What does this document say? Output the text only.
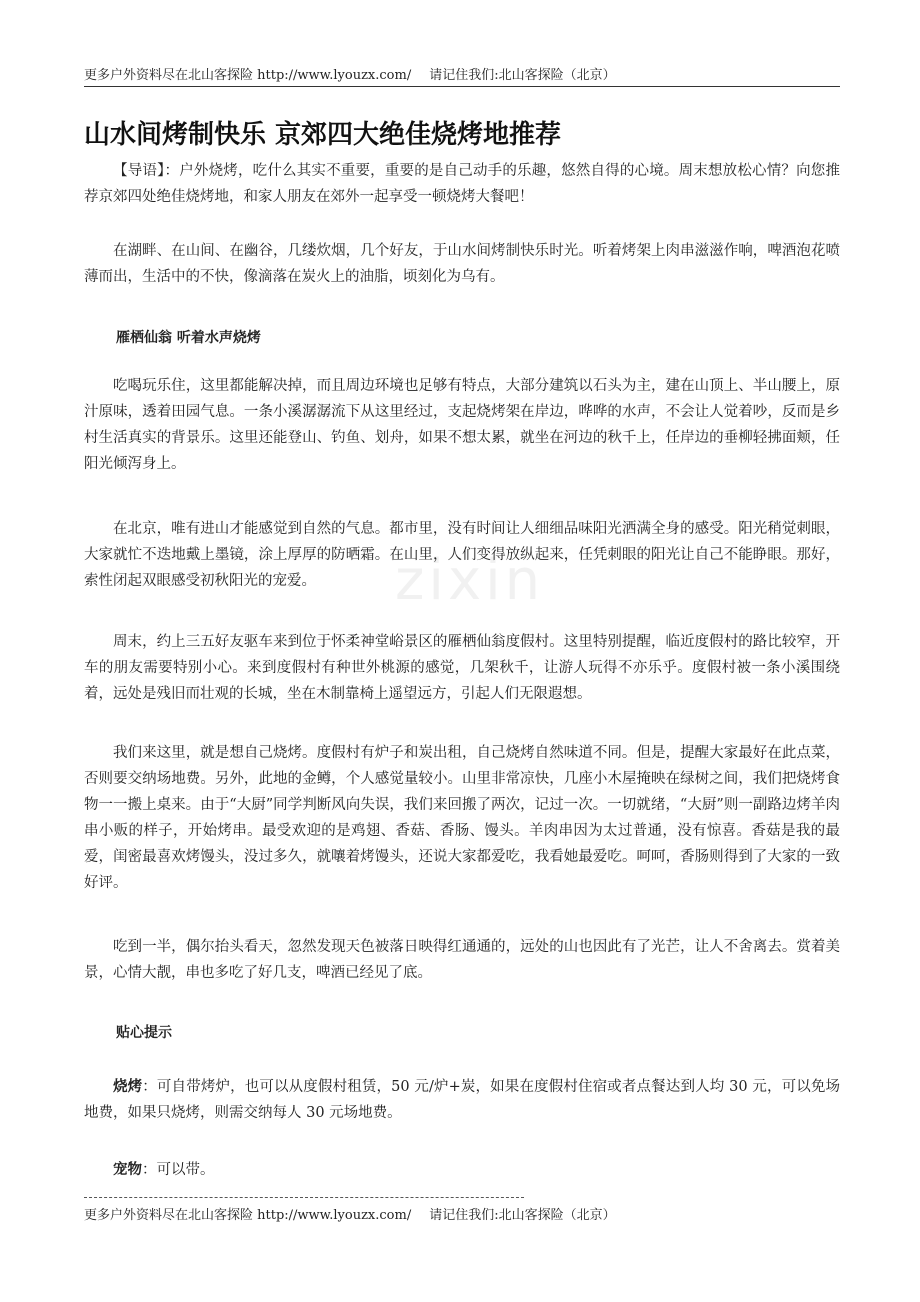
zixin
更多户外资料尽在北山客探险 http://www.lyouzx.com/ 请记住我们:北山客探险（北京）
山水间烤制快乐 京郊四大绝佳烧烤地推荐

【导语】：户外烧烤，吃什么其实不重要，重要的是自己动手的乐趣，悠然自得的心境。周末想放松心情？向您推荐京郊四处绝佳烧烤地，和家人朋友在郊外一起享受一顿烧烤大餐吧！

在湖畔、在山间、在幽谷，几缕炊烟，几个好友，于山水间烤制快乐时光。听着烤架上肉串滋滋作响，啤酒泡花喷薄而出，生活中的不快，像滴落在炭火上的油脂，顷刻化为乌有。

雁栖仙翁 听着水声烧烤

吃喝玩乐住，这里都能解决掉，而且周边环境也足够有特点，大部分建筑以石头为主，建在山顶上、半山腰上，原汁原味，透着田园气息。一条小溪潺潺流下从这里经过，支起烧烤架在岸边，哗哗的水声，不会让人觉着吵，反而是乡村生活真实的背景乐。这里还能登山、钓鱼、划舟，如果不想太累，就坐在河边的秋千上，任岸边的垂柳轻拂面颊，任阳光倾泻身上。

在北京，唯有进山才能感觉到自然的气息。都市里，没有时间让人细细品味阳光洒满全身的感受。阳光稍觉刺眼，大家就忙不迭地戴上墨镜，涂上厚厚的防晒霜。在山里，人们变得放纵起来，任凭刺眼的阳光让自己不能睁眼。那好，索性闭起双眼感受初秋阳光的宠爱。

周末，约上三五好友驱车来到位于怀柔神堂峪景区的雁栖仙翁度假村。这里特别提醒，临近度假村的路比较窄，开车的朋友需要特别小心。来到度假村有种世外桃源的感觉，几架秋千，让游人玩得不亦乐乎。度假村被一条小溪围绕着，远处是残旧而壮观的长城，坐在木制靠椅上遥望远方，引起人们无限遐想。

我们来这里，就是想自己烧烤。度假村有炉子和炭出租，自己烧烤自然味道不同。但是，提醒大家最好在此点菜，否则要交纳场地费。另外，此地的金鳟，个人感觉量较小。山里非常凉快，几座小木屋掩映在绿树之间，我们把烧烤食物一一搬上桌来。由于“大厨”同学判断风向失误，我们来回搬了两次，记过一次。一切就绪，“大厨”则一副路边烤羊肉串小贩的样子，开始烤串。最受欢迎的是鸡翅、香菇、香肠、馒头。羊肉串因为太过普通，没有惊喜。香菇是我的最爱，闺密最喜欢烤馒头，没过多久，就嚷着烤馒头，还说大家都爱吃，我看她最爱吃。呵呵，香肠则得到了大家的一致好评。

吃到一半，偶尔抬头看天，忽然发现天色被落日映得红通通的，远处的山也因此有了光芒，让人不舍离去。赏着美景，心情大靓，串也多吃了好几支，啤酒已经见了底。

贴心提示

烧烤：可自带烤炉，也可以从度假村租赁，50 元/炉+炭，如果在度假村住宿或者点餐达到人均 30 元，可以免场地费，如果只烧烤，则需交纳每人 30 元场地费。

宠物：可以带。

更多户外资料尽在北山客探险 http://www.lyouzx.com/ 请记住我们:北山客探险（北京）
